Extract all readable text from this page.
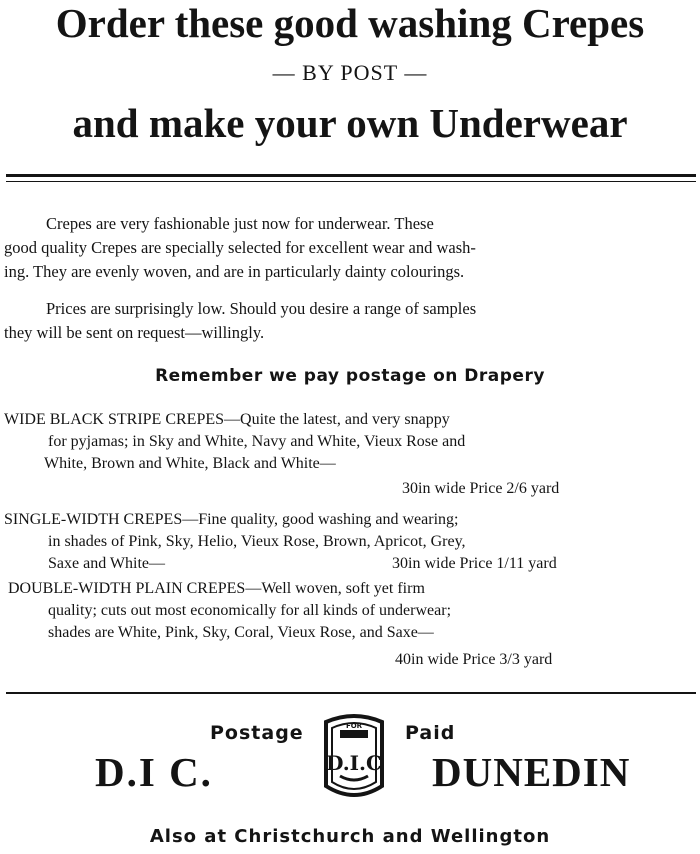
Order these good washing Crepes
— BY POST —
and make your own Underwear
Crepes are very fashionable just now for underwear. These
good quality Crepes are specially selected for excellent wear and wash-
ing. They are evenly woven, and are in particularly dainty colourings.
Prices are surprisingly low. Should you desire a range of samples
they will be sent on request—willingly.
Remember we pay postage on Drapery
WIDE BLACK STRIPE CREPES—Quite the latest, and very snappy
for pyjamas; in Sky and White, Navy and White, Vieux Rose and
White, Brown and White, Black and White—
30in wide Price 2/6 yard
SINGLE-WIDTH CREPES—Fine quality, good washing and wearing;
in shades of Pink, Sky, Helio, Vieux Rose, Brown, Apricot, Grey,
Saxe and White—	30in wide Price 1/11 yard
DOUBLE-WIDTH PLAIN CREPES—Well woven, soft yet firm
quality; cuts out most economically for all kinds of underwear;
shades are White, Pink, Sky, Coral, Vieux Rose, and Saxe—
40in wide Price 3/3 yard
Postage	Paid
D.I C.	DUNEDIN
FOR
D.I.C
Also at Christchurch and Wellington
